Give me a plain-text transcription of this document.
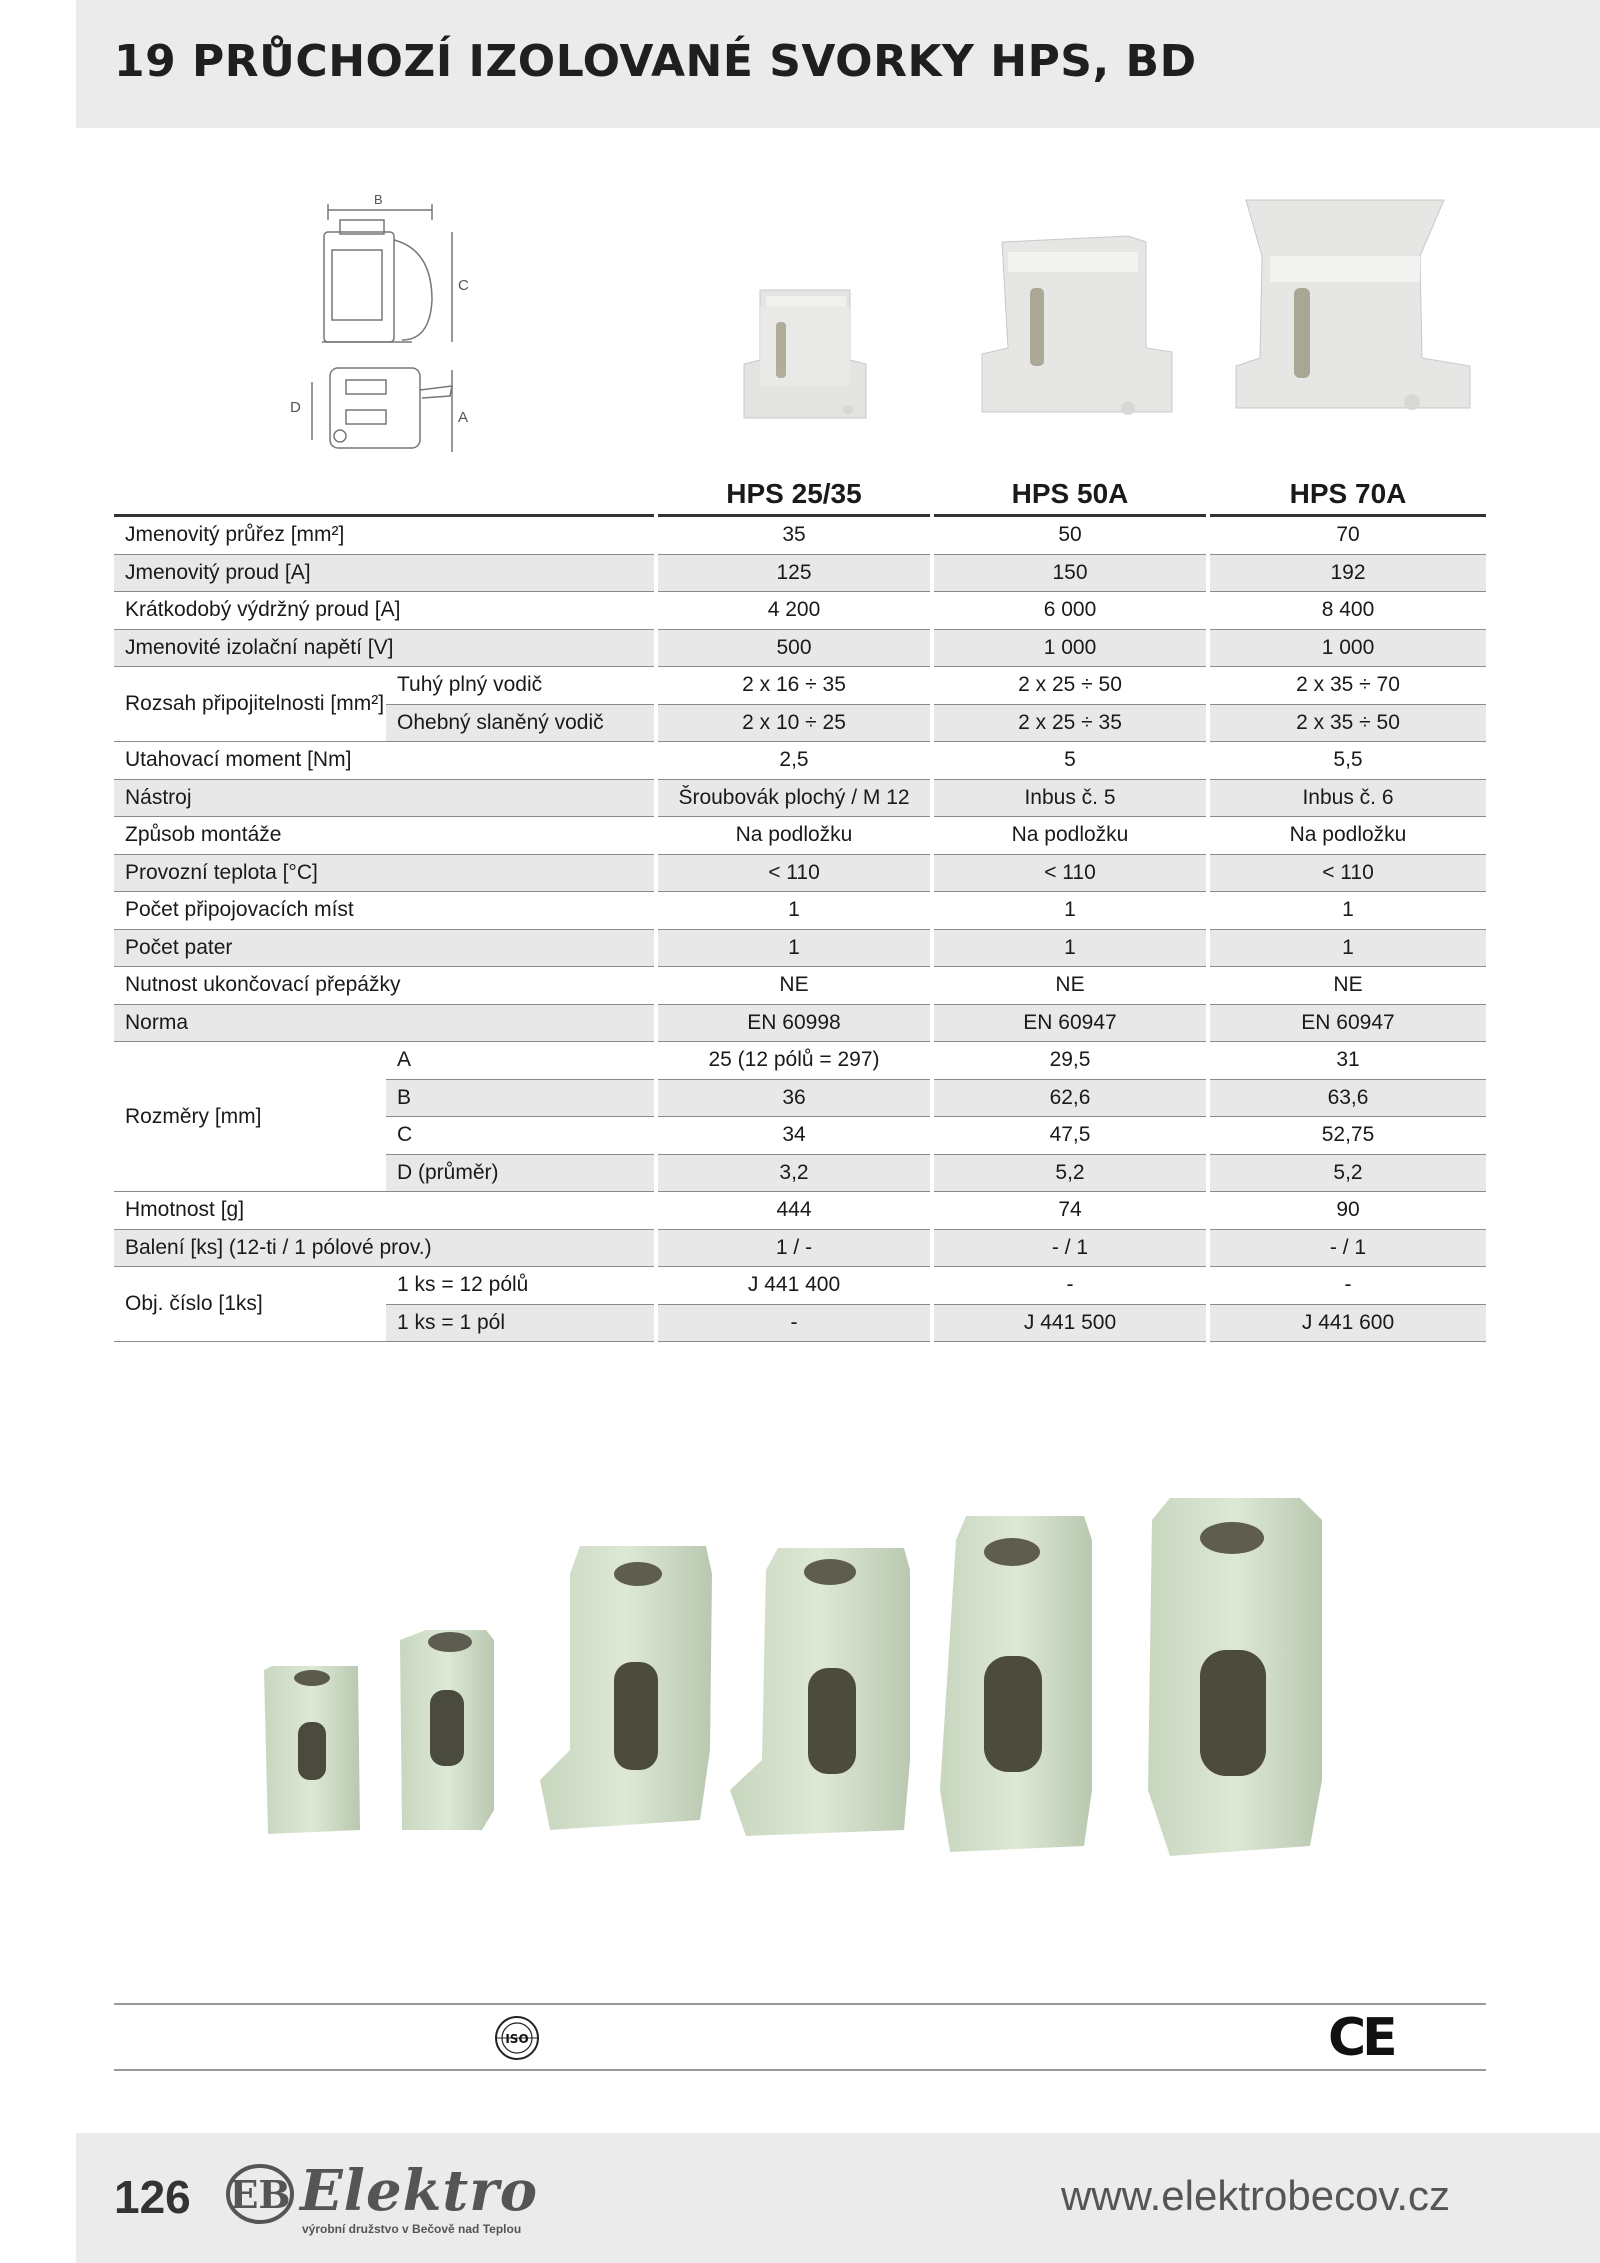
19 PRŮCHOZÍ IZOLOVANÉ SVORKY HPS, BD
B
C
D
A
			HPS 25/35		HPS 50A		HPS 70A
Jmenovitý průřez [mm²]			35		50		70
Jmenovitý proud [A]			125		150		192
Krátkodobý výdržný proud [A]			4 200		6 000		8 400
Jmenovité izolační napětí [V]			500		1 000		1 000
Rozsah připojitelnosti [mm²]	Tuhý plný vodič		2 x 16 ÷ 35		2 x 25 ÷ 50		2 x 35 ÷ 70
	Ohebný slaněný vodič		2 x 10 ÷ 25		2 x 25 ÷ 35		2 x 35 ÷ 50
Utahovací moment [Nm]			2,5		5		5,5
Nástroj			Šroubovák plochý / M 12		Inbus č. 5		Inbus č. 6
Způsob montáže			Na podložku		Na podložku		Na podložku
Provozní teplota [°C]			< 110		< 110		< 110
Počet připojovacích míst			1		1		1
Počet pater			1		1		1
Nutnost ukončovací přepážky			NE		NE		NE
Norma			EN 60998		EN 60947		EN 60947
Rozměry [mm]	A		25 (12 pólů = 297)		29,5		31
	B		36		62,6		63,6
	C		34		47,5		52,75
	D (průměr)		3,2		5,2		5,2
Hmotnost [g]			444		74		90
Balení [ks] (12-ti / 1 pólové prov.)			1 / -		- / 1		- / 1
Obj. číslo [1ks]	1 ks = 12 pólů		J 441 400		-		-
	1 ks = 1 pól		-		J 441 500		J 441 600
ISO	CE
126 EB Elektro
výrobní družstvo v Bečově nad Teplou
www.elektrobecov.cz
